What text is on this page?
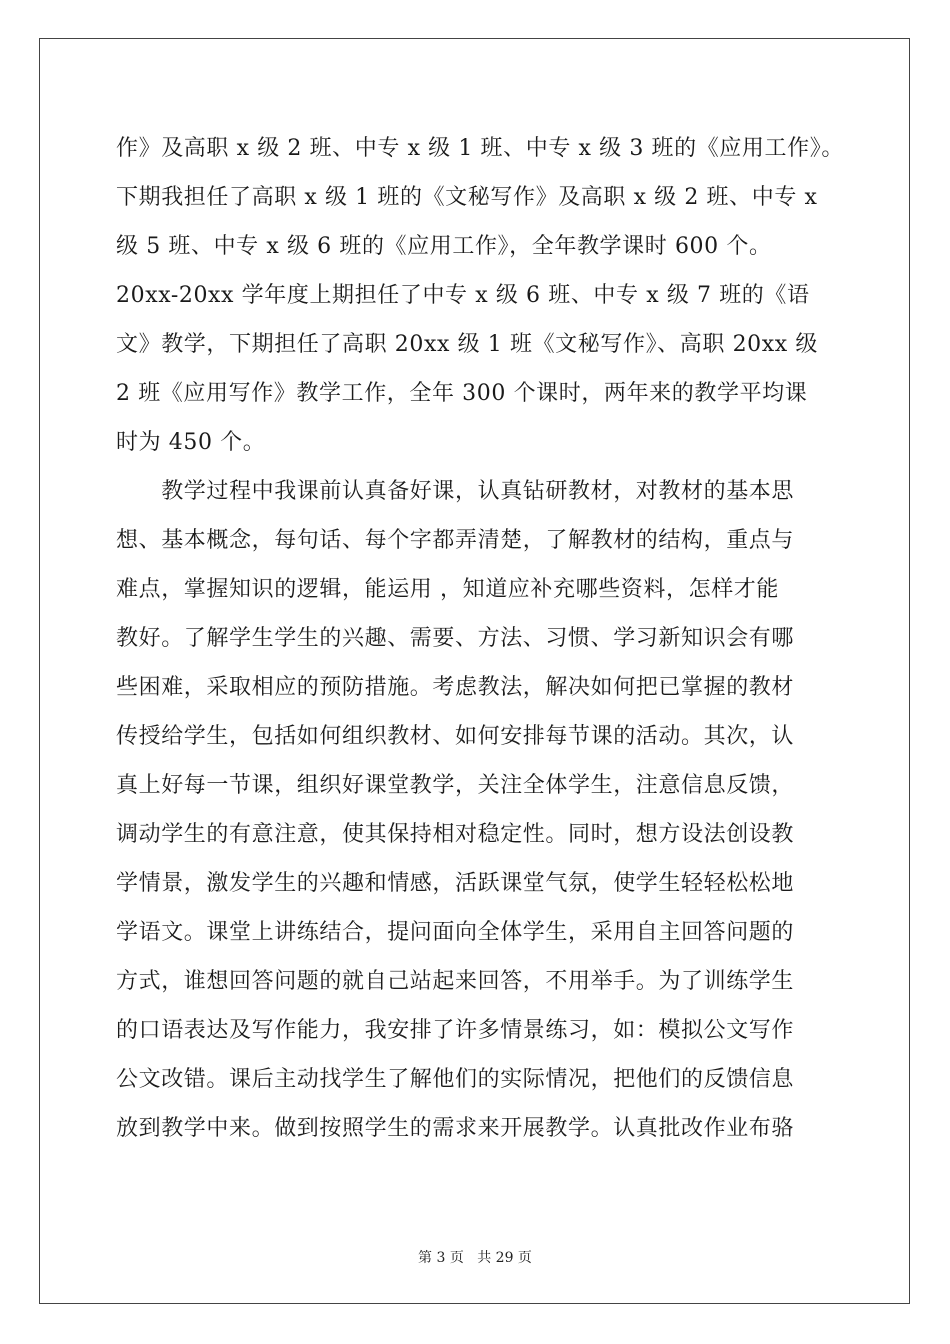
作》及高职 x 级 2 班、中专 x 级 1 班、中专 x 级 3 班的《应用工作》。
下期我担任了高职 x 级 1 班的《文秘写作》及高职 x 级 2 班、中专 x
级 5 班、中专 x 级 6 班的《应用工作》，全年教学课时 600 个。
20xx-20xx 学年度上期担任了中专 x 级 6 班、中专 x 级 7 班的《语
文》教学，下期担任了高职 20xx 级 1 班《文秘写作》、高职 20xx 级
2 班《应用写作》教学工作，全年 300 个课时，两年来的教学平均课
时为 450 个。
　　教学过程中我课前认真备好课，认真钻研教材，对教材的基本思
想、基本概念，每句话、每个字都弄清楚，了解教材的结构，重点与
难点，掌握知识的逻辑，能运用 ，知道应补充哪些资料，怎样才能
教好。了解学生学生的兴趣、需要、方法、习惯、学习新知识会有哪
些困难，采取相应的预防措施。考虑教法，解决如何把已掌握的教材
传授给学生，包括如何组织教材、如何安排每节课的活动。其次，认
真上好每一节课，组织好课堂教学，关注全体学生，注意信息反馈，
调动学生的有意注意，使其保持相对稳定性。同时，想方设法创设教
学情景，激发学生的兴趣和情感，活跃课堂气氛，使学生轻轻松松地
学语文。课堂上讲练结合，提问面向全体学生，采用自主回答问题的
方式，谁想回答问题的就自己站起来回答，不用举手。为了训练学生
的口语表达及写作能力，我安排了许多情景练习，如：模拟公文写作
公文改错。课后主动找学生了解他们的实际情况，把他们的反馈信息
放到教学中来。做到按照学生的需求来开展教学。认真批改作业布骆
第 3 页 共 29 页
